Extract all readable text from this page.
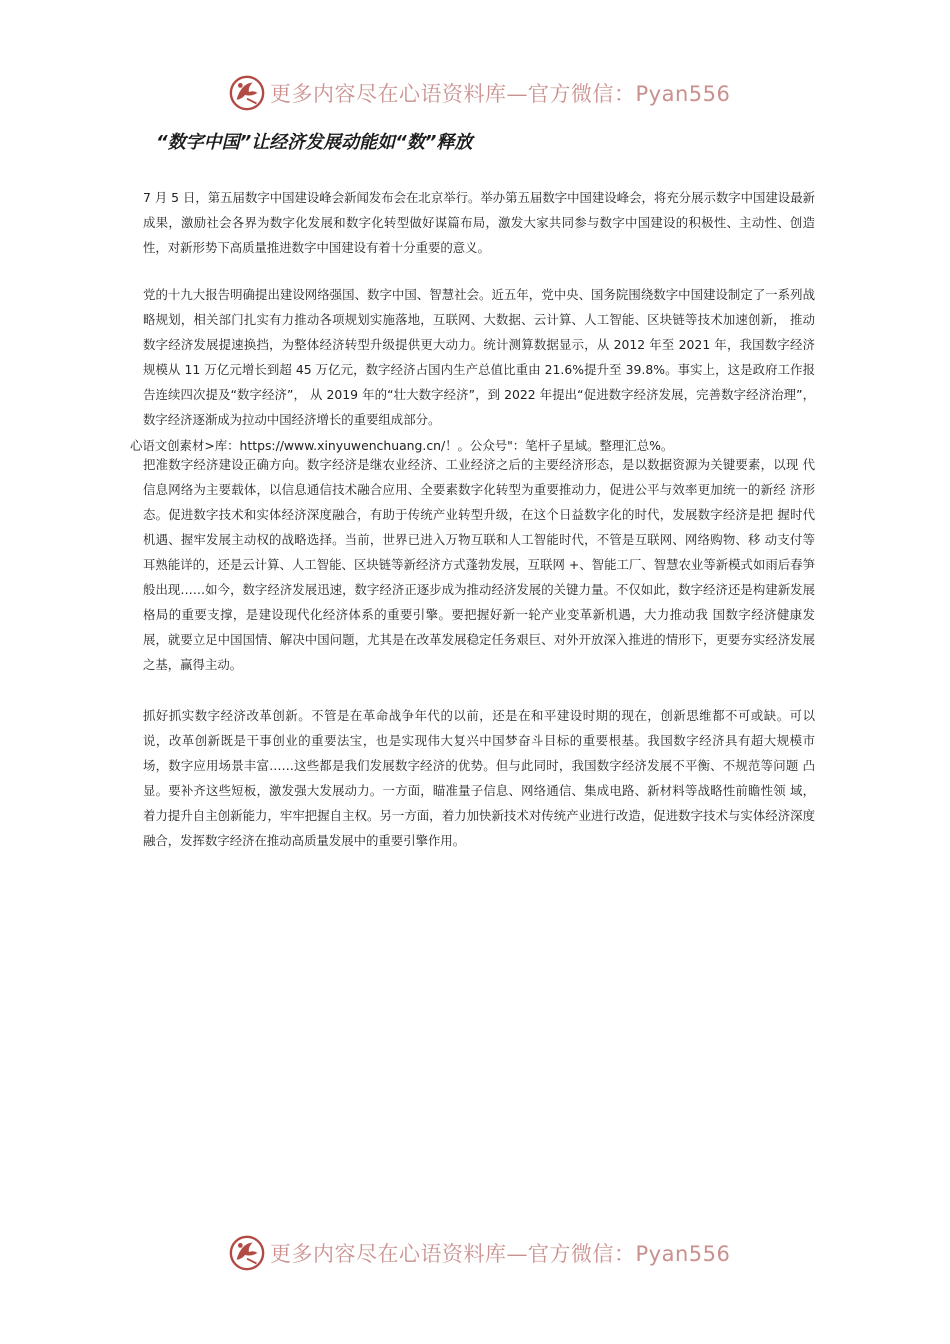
更多内容尽在心语资料库—官方微信：Pyan556
“数字中国”让经济发展动能如“数”释放

7 月 5 日，第五届数字中国建设峰会新闻发布会在北京举行。举办第五届数字中国建设峰会，将充分展示数字中国建设最新成果，激励社会各界为数字化发展和数字化转型做好谋篇布局，激发大家共同参与数字中国建设的积极性、主动性、创造性，对新形势下高质量推进数字中国建设有着十分重要的意义。

党的十九大报告明确提出建设网络强国、数字中国、智慧社会。近五年，党中央、国务院围绕数字中国建设制定了一系列战略规划，相关部门扎实有力推动各项规划实施落地，互联网、大数据、云计算、人工智能、区块链等技术加速创新， 推动数字经济发展提速换挡，为整体经济转型升级提供更大动力。统计测算数据显示，从 2012 年至 2021 年，我国数字经济规模从 11 万亿元增长到超 45 万亿元，数字经济占国内生产总值比重由 21.6%提升至 39.8%。事实上，这是政府工作报告连续四次提及“数字经济”， 从 2019 年的“壮大数字经济”，到 2022 年提出“促进数字经济发展，完善数字经济治理”，数字经济逐渐成为拉动中国经济增长的重要组成部分。

心语文创素材>库：https://www.xinyuwenchuang.cn/！。公众号"：笔杆子星域。整理汇总%。

把准数字经济建设正确方向。数字经济是继农业经济、工业经济之后的主要经济形态，是以数据资源为关键要素，以现 代信息网络为主要载体，以信息通信技术融合应用、全要素数字化转型为重要推动力，促进公平与效率更加统一的新经 济形态。促进数字技术和实体经济深度融合，有助于传统产业转型升级，在这个日益数字化的时代，发展数字经济是把 握时代机遇、握牢发展主动权的战略选择。当前，世界已进入万物互联和人工智能时代，不管是互联网、网络购物、移 动支付等耳熟能详的，还是云计算、人工智能、区块链等新经济方式蓬勃发展，互联网 +、智能工厂、智慧农业等新模式如雨后春笋般出现……如今，数字经济发展迅速，数字经济正逐步成为推动经济发展的关键力量。不仅如此，数字经济还是构建新发展格局的重要支撑，是建设现代化经济体系的重要引擎。要把握好新一轮产业变革新机遇，大力推动我 国数字经济健康发展，就要立足中国国情、解决中国问题，尤其是在改革发展稳定任务艰巨、对外开放深入推进的情形下，更要夯实经济发展之基，赢得主动。

抓好抓实数字经济改革创新。不管是在革命战争年代的以前，还是在和平建设时期的现在，创新思维都不可或缺。可以 说，改革创新既是干事创业的重要法宝，也是实现伟大复兴中国梦奋斗目标的重要根基。我国数字经济具有超大规模市 场，数字应用场景丰富……这些都是我们发展数字经济的优势。但与此同时，我国数字经济发展不平衡、不规范等问题 凸显。要补齐这些短板，激发强大发展动力。一方面，瞄准量子信息、网络通信、集成电路、新材料等战略性前瞻性领 域，着力提升自主创新能力，牢牢把握自主权。另一方面，着力加快新技术对传统产业进行改造，促进数字技术与实体经济深度融合，发挥数字经济在推动高质量发展中的重要引擎作用。

更多内容尽在心语资料库—官方微信：Pyan556
